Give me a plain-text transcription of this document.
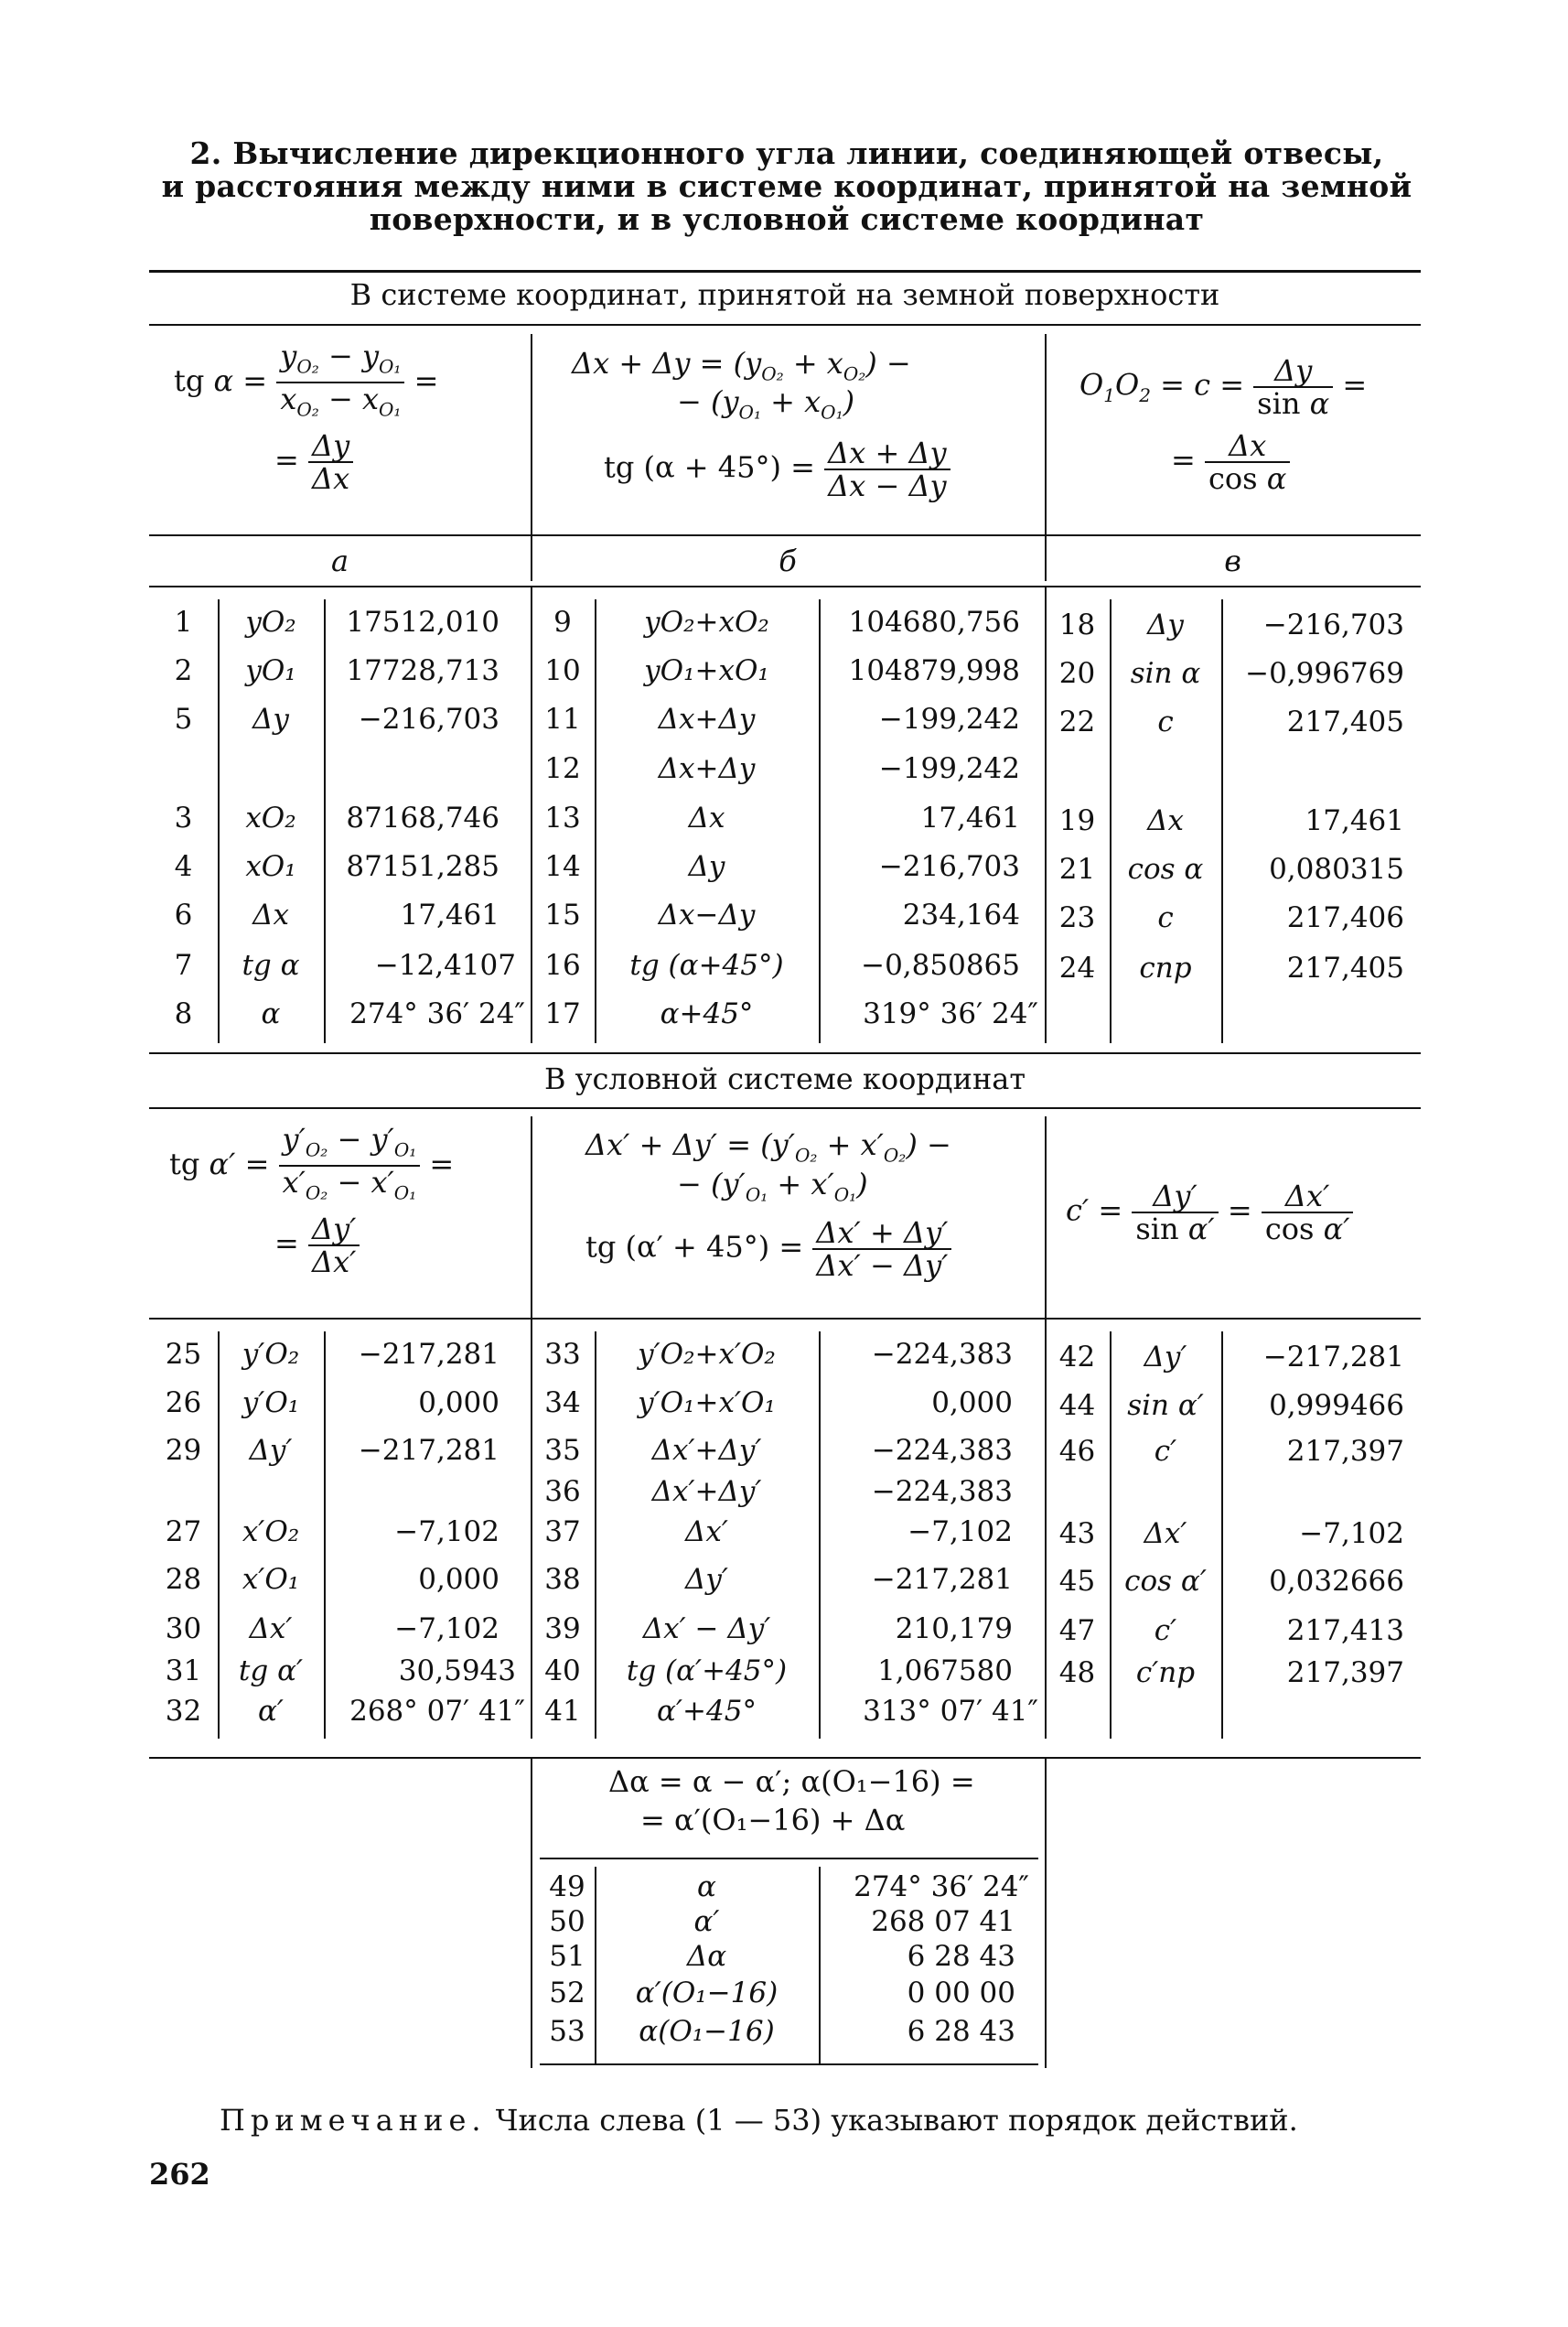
2. Вычисление дирекционного угла линии, соединяющей отвесы,
и расстояния между ними в системе координат, принятой на земной
поверхности, и в условной системе координат
В системе координат, принятой на земной поверхности
tg $\alpha = \frac{y_{O_2} - y_{O_1}}{x_{O_2} - x_{O_1}}$ =
= $\frac{\Delta y}{\Delta x}$
$\Delta x + \Delta y = (y_{O_2} + x_{O_2})$ −
− $(y_{O_1} + x_{O_1})$
tg $(\alpha + 45^\circ) = \frac{\Delta x + \Delta y}{\Delta x - \Delta y}$
$O_1O_2 = c = \frac{\Delta y}{\text{sin α}}$ =
= $\frac{\Delta x}{\text{cos α}}$
а	б	в
1	yO₂	17512,010
2	yO₁	17728,713
5	Δy	−216,703
3	xO₂	87168,746
4	xO₁	87151,285
6	Δx	17,461
7	tg α	−12,4107
8	α	274° 36′ 24″
9	yO₂+xO₂	104680,756
10	yO₁+xO₁	104879,998
11	Δx+Δy	−199,242
12	Δx+Δy	−199,242
13	Δx	17,461
14	Δy	−216,703
15	Δx−Δy	234,164
16	tg (α+45°)	−0,850865
17	α+45°	319° 36′ 24″
18	Δy	−216,703
20	sin α	−0,996769
22	c	217,405
19	Δx	17,461
21	cos α	0,080315
23	c	217,406
24	cпр	217,405
В условной системе координат
tg $\alpha' = \frac{y'_{O_2} - y'_{O_1}}{x'_{O_2} - x'_{O_1}}$ =
= $\frac{\Delta y'}{\Delta x'}$
$\Delta x' + \Delta y' = (y'_{O_2} + x'_{O_2})$ −
− $(y'_{O_1} + x'_{O_1})$
tg $(\alpha' + 45^\circ) = \frac{\Delta x' + \Delta y'}{\Delta x' - \Delta y'}$
$c' = \frac{\Delta y'}{\text{sin α′}} = \frac{\Delta x'}{\text{cos α′}}$
25	y′O₂	−217,281
26	y′O₁	0,000
29	Δy′	−217,281
27	x′O₂	−7,102
28	x′O₁	0,000
30	Δx′	−7,102
31	tg α′	30,5943
32	α′	268° 07′ 41″
33	y′O₂+x′O₂	−224,383
34	y′O₁+x′O₁	0,000
35	Δx′+Δy′	−224,383
36	Δx′+Δy′	−224,383
37	Δx′	−7,102
38	Δy′	−217,281
39	Δx′ − Δy′	210,179
40	tg (α′+45°)	1,067580
41	α′+45°	313° 07′ 41″
42	Δy′	−217,281
44	sin α′	0,999466
46	c′	217,397
43	Δx′	−7,102
45	cos α′	0,032666
47	c′	217,413
48	c′пр	217,397
Δα = α − α′; α(O₁−16) =
= α′(O₁−16) + Δα
49	α	274° 36′ 24″
50	α′	268 07 41
51	Δα	6 28 43
52	α′(O₁−16)	0 00 00
53	α(O₁−16)	6 28 43
Примечание. Числа слева (1 — 53) указывают порядок действий.
262
